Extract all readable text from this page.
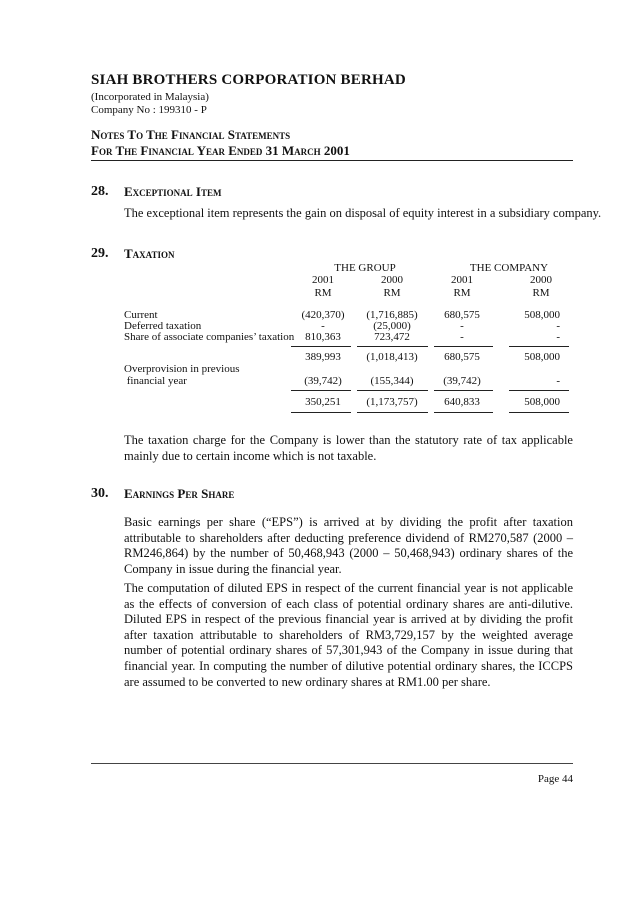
SIAH BROTHERS CORPORATION BERHAD
(Incorporated in Malaysia)
Company No : 199310 - P
Notes To The Financial Statements
For The Financial Year Ended 31 March 2001
28. Exceptional Item
The exceptional item represents the gain on disposal of equity interest in a subsidiary company.
29. Taxation
THE GROUP	THE COMPANY
2001	2000	2001	2000
RM	RM	RM	RM
Current	(420,370)	(1,716,885)	680,575	508,000
Deferred taxation	-	(25,000)	-	-
Share of associate companies’ taxation 810,363	723,472	-	-
389,993	(1,018,413)	680,575	508,000
Overprovision in previous
financial year	(39,742)	(155,344)	(39,742)	-
350,251	(1,173,757)	640,833	508,000
The taxation charge for the Company is lower than the statutory rate of tax applicable mainly due to certain income which is not taxable.
30. Earnings Per Share
Basic earnings per share (“EPS”) is arrived at by dividing the profit after taxation attributable to shareholders after deducting preference dividend of RM270,587 (2000 – RM246,864) by the number of 50,468,943 (2000 – 50,468,943) ordinary shares of the Company in issue during the financial year.
The computation of diluted EPS in respect of the current financial year is not applicable as the effects of conversion of each class of potential ordinary shares are anti-dilutive. Diluted EPS in respect of the previous financial year is arrived at by dividing the profit after taxation attributable to shareholders of RM3,729,157 by the weighted average number of potential ordinary shares of 57,301,943 of the Company in issue during that financial year. In computing the number of dilutive potential ordinary shares, the ICCPS are assumed to be converted to new ordinary shares at RM1.00 per share.
Page 44
